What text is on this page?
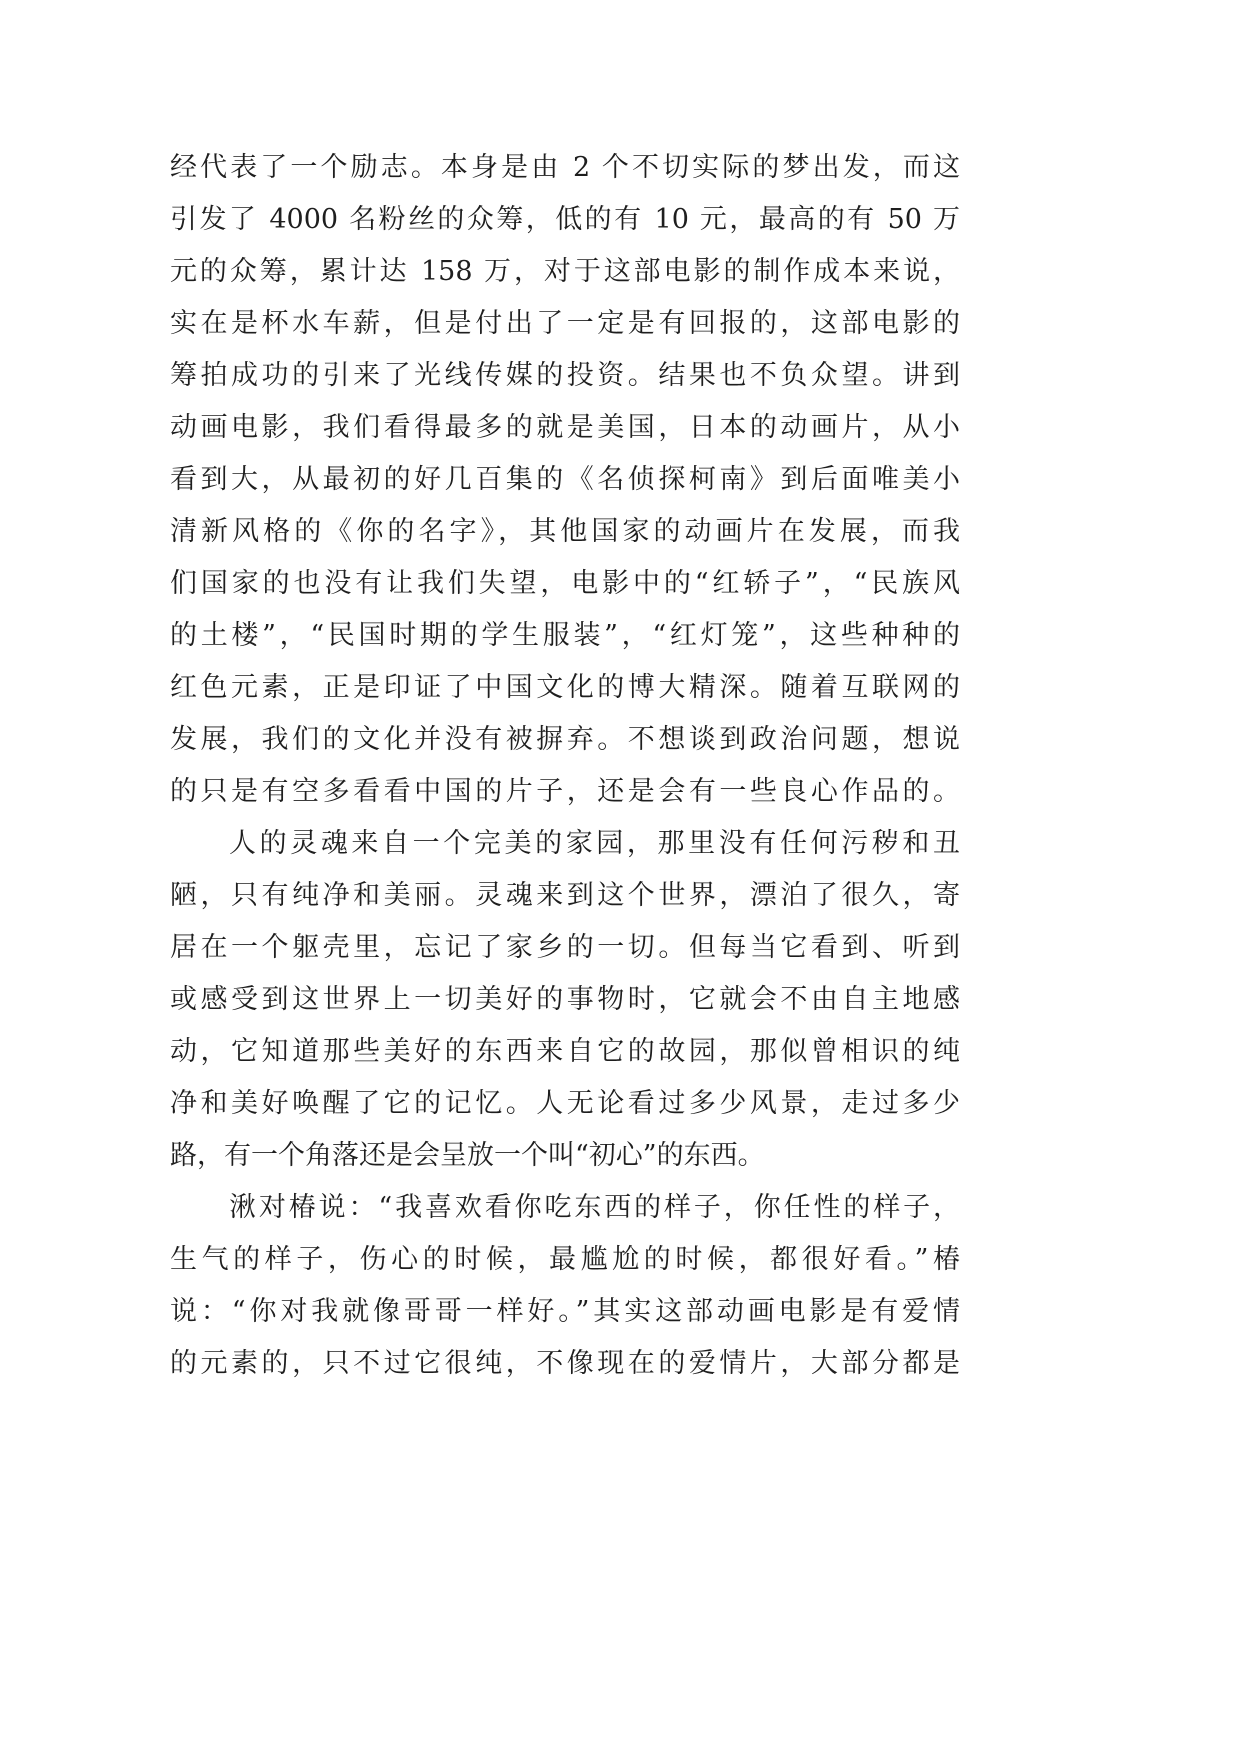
经代表了一个励志。本身是由 2 个不切实际的梦出发，而这
引发了 4000 名粉丝的众筹，低的有 10 元，最高的有 50 万
元的众筹，累计达 158 万，对于这部电影的制作成本来说，
实在是杯水车薪，但是付出了一定是有回报的，这部电影的
筹拍成功的引来了光线传媒的投资。结果也不负众望。讲到
动画电影，我们看得最多的就是美国，日本的动画片，从小
看到大，从最初的好几百集的《名侦探柯南》到后面唯美小
清新风格的《你的名字》，其他国家的动画片在发展，而我
们国家的也没有让我们失望，电影中的“红轿子”，“民族风
的土楼”，“民国时期的学生服装”，“红灯笼”，这些种种的
红色元素，正是印证了中国文化的博大精深。随着互联网的
发展，我们的文化并没有被摒弃。不想谈到政治问题，想说
的只是有空多看看中国的片子，还是会有一些良心作品的。
人的灵魂来自一个完美的家园，那里没有任何污秽和丑
陋，只有纯净和美丽。灵魂来到这个世界，漂泊了很久，寄
居在一个躯壳里，忘记了家乡的一切。但每当它看到、听到
或感受到这世界上一切美好的事物时，它就会不由自主地感
动，它知道那些美好的东西来自它的故园，那似曾相识的纯
净和美好唤醒了它的记忆。人无论看过多少风景，走过多少
路，有一个角落还是会呈放一个叫“初心”的东西。
湫对椿说：“我喜欢看你吃东西的样子，你任性的样子，
生气的样子，伤心的时候，最尴尬的时候，都很好看。”椿
说：“你对我就像哥哥一样好。”其实这部动画电影是有爱情
的元素的，只不过它很纯，不像现在的爱情片，大部分都是
